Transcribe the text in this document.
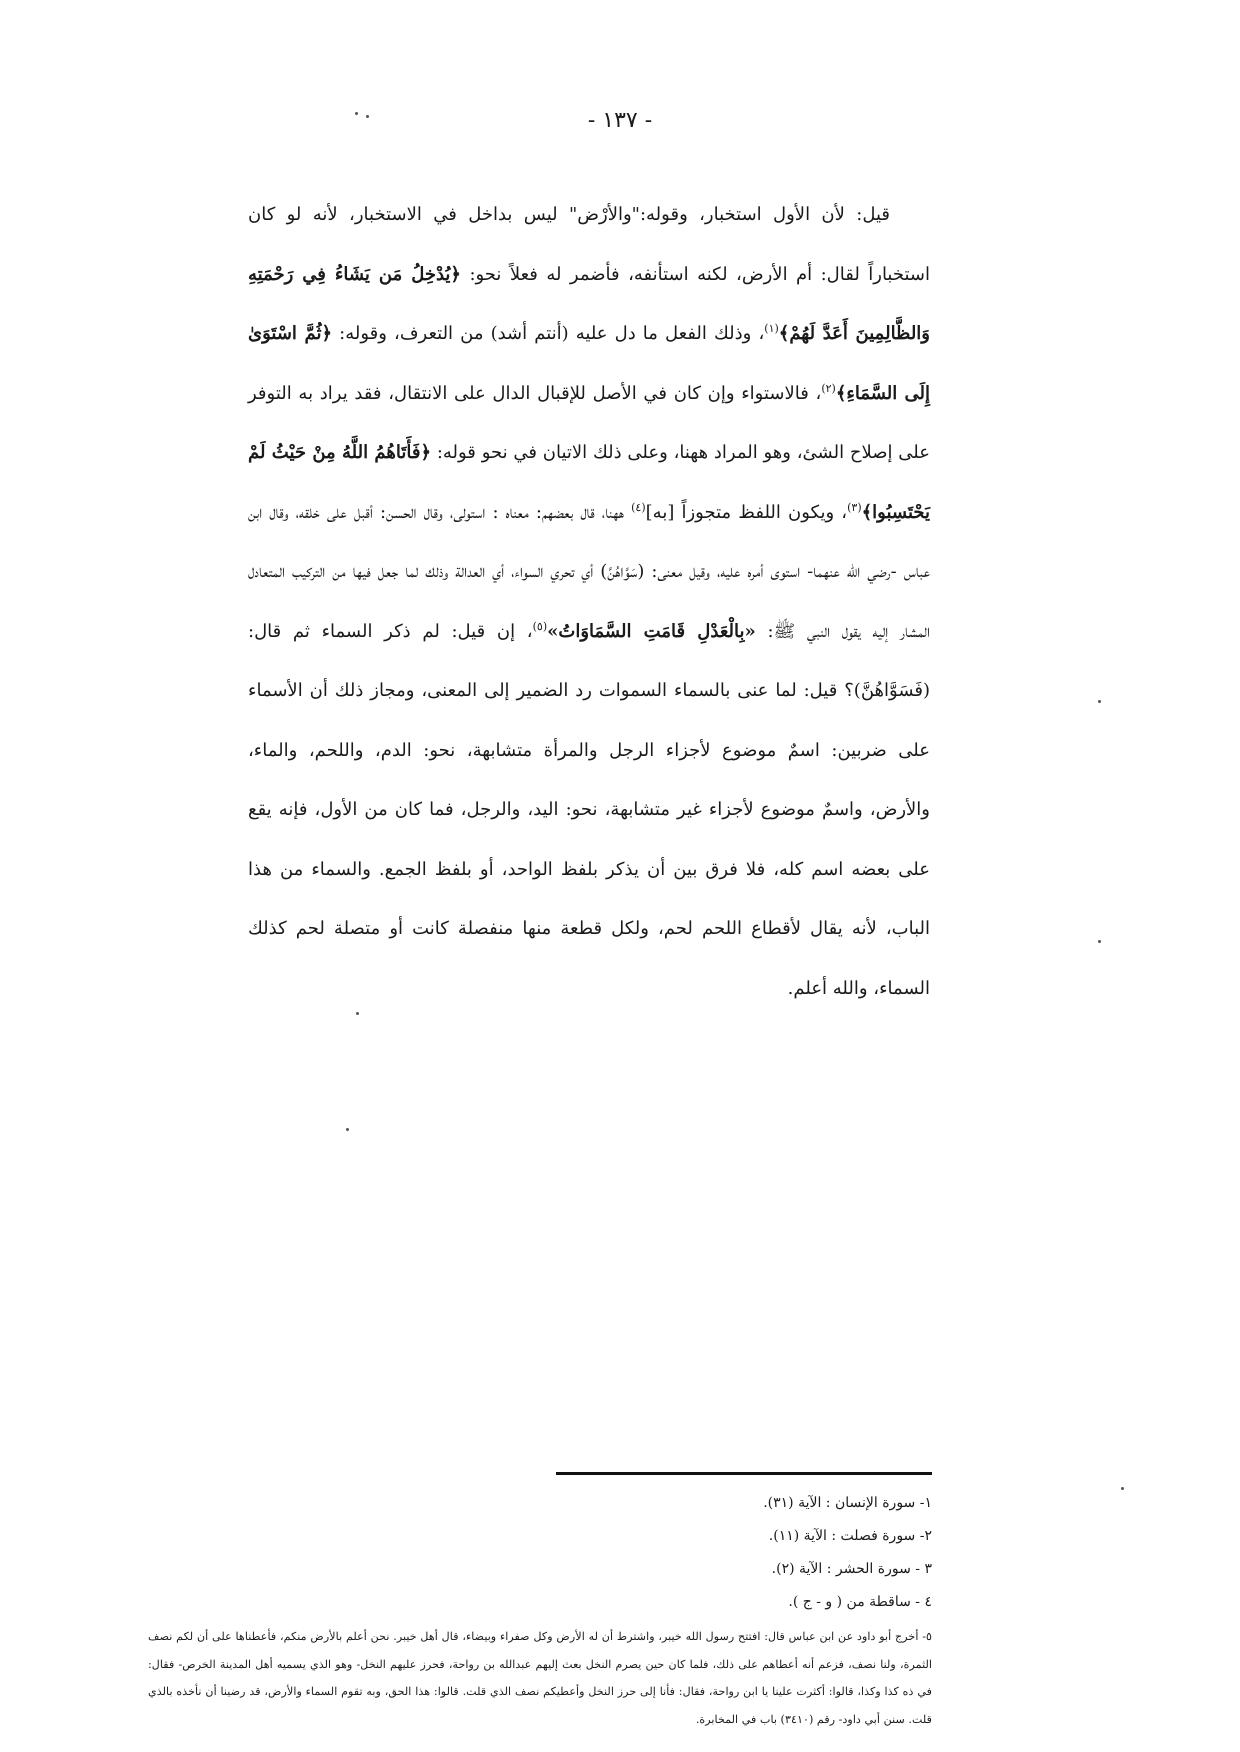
- ١٣٧ -

قيل: لأن الأول استخبار، وقوله:"والأرْض" ليس بداخل في الاستخبار، لأنه لو كان استخباراً لقال: أم الأرض، لكنه استأنفه، فأضمر له فعلاً نحو: ﴿يُدْخِلُ مَن يَشَاءُ فِي رَحْمَتِهِ وَالظَّالِمِينَ أَعَدَّ لَهُمْ﴾$^{(١)}$، وذلك الفعل ما دل عليه (أنتم أشد) من التعرف، وقوله: ﴿ثُمَّ اسْتَوَىٰ إِلَى السَّمَاءِ﴾$^{(٢)}$، فالاستواء وإن كان في الأصل للإقبال الدال على الانتقال، فقد يراد به التوفر على إصلاح الشئ، وهو المراد ههنا، وعلى ذلك الاتيان في نحو قوله: ﴿فَأَتَاهُمُ اللَّهُ مِنْ حَيْثُ لَمْ يَحْتَسِبُوا﴾$^{(٣)}$، ويكون اللفظ متجوزاً [به]$^{(٤)}$ ههنا، قال بعضهم: معناه : استولى، وقال الحسن: أقبل على خلقه، وقال ابن عباس -رضي الله عنهما- استوى أمره عليه، وقيل معنى: (سَوَّاهُنَّ) أي تحري السواء، أي العدالة وذلك لما جعل فيها من التركيب المتعادل المشار إليه يقول النبي ﷺ: «بِالْعَدْلِ قَامَتِ السَّمَاوَاتُ»$^{(٥)}$، إن قيل: لم ذكر السماء ثم قال: (فَسَوَّاهُنَّ)؟ قيل: لما عنى بالسماء السموات رد الضمير إلى المعنى، ومجاز ذلك أن الأسماء على ضربين: اسمٌ موضوع لأجزاء الرجل والمرأة متشابهة، نحو: الدم، واللحم، والماء، والأرض، واسمٌ موضوع لأجزاء غير متشابهة، نحو: اليد، والرجل، فما كان من الأول، فإنه يقع على بعضه اسم كله، فلا فرق بين أن يذكر بلفظ الواحد، أو بلفظ الجمع. والسماء من هذا الباب، لأنه يقال لأقطاع اللحم لحم، ولكل قطعة منها منفصلة كانت أو متصلة لحم كذلك السماء، والله أعلم.

١- سورة الإنسان : الآية (٣١).
٢- سورة فصلت : الآية (١١).
٣ - سورة الحشر : الآية (٢).
٤ - ساقطة من ( و - ج ).
٥- أخرج أبو داود عن ابن عباس قال: افتتح رسول الله خيبر، واشترط أن له الأرض وكل صفراء وبيضاء، قال أهل خيبر. نحن أعلم بالأرض منكم، فأعطناها على أن لكم نصف الثمرة، ولنا نصف، فزعم أنه أعطاهم على ذلك، فلما كان حين يصرم النخل بعث إليهم عبدالله بن رواحة، فحرز عليهم النخل- وهو الذي يسميه أهل المدينة الخرص- فقال: في ذه كذا وكذا، قالوا: أكثرت علينا يا ابن رواحة، فقال: فأنا إلى حرز النخل وأعطيكم نصف الذي قلت. قالوا: هذا الحق، وبه تقوم السماء والأرض، قد رضينا أن نأخذه بالذي قلت. سنن أبي داود- رقم (٣٤١٠) باب في المخابرة.
